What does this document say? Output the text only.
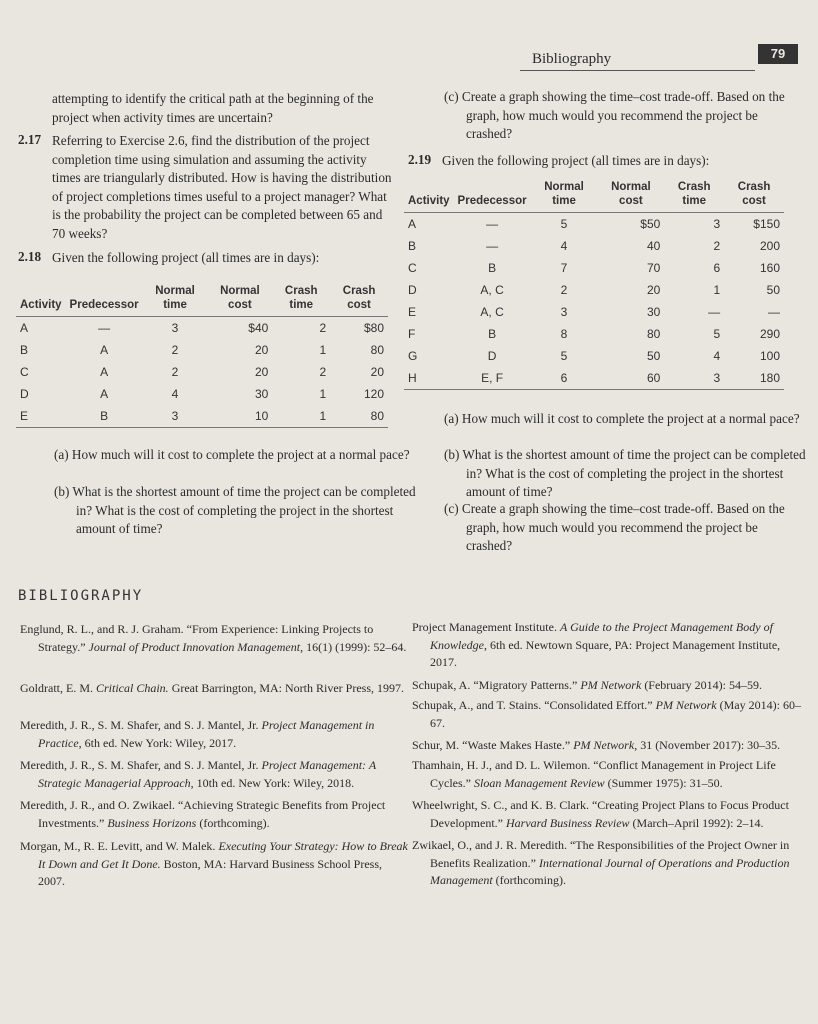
Bibliography	79

attempting to identify the critical path at the beginning of the project when activity times are uncertain?

2.17 Referring to Exercise 2.6, find the distribution of the project completion time using simulation and assuming the activity times are triangularly distributed. How is having the distribution of project completions times useful to a project manager? What is the probability the project can be completed between 65 and 70 weeks?

2.18 Given the following project (all times are in days):

Activity	Predecessor	Normal time	Normal cost	Crash time	Crash cost
A	—	3	$40	2	$80
B	A	2	20	1	80
C	A	2	20	2	20
D	A	4	30	1	120
E	B	3	10	1	80

(a) How much will it cost to complete the project at a normal pace?

(b) What is the shortest amount of time the project can be completed in? What is the cost of completing the project in the shortest amount of time?

(c) Create a graph showing the time–cost trade-off. Based on the graph, how much would you recommend the project be crashed?

2.19 Given the following project (all times are in days):

Activity	Predecessor	Normal time	Normal cost	Crash time	Crash cost
A	—	5	$50	3	$150
B	—	4	40	2	200
C	B	7	70	6	160
D	A, C	2	20	1	50
E	A, C	3	30	—	—
F	B	8	80	5	290
G	D	5	50	4	100
H	E, F	6	60	3	180

(a) How much will it cost to complete the project at a normal pace?

(b) What is the shortest amount of time the project can be completed in? What is the cost of completing the project in the shortest amount of time?

(c) Create a graph showing the time–cost trade-off. Based on the graph, how much would you recommend the project be crashed?

BIBLIOGRAPHY

Englund, R. L., and R. J. Graham. “From Experience: Linking Projects to Strategy.” Journal of Product Innovation Management, 16(1) (1999): 52–64.

Goldratt, E. M. Critical Chain. Great Barrington, MA: North River Press, 1997.

Meredith, J. R., S. M. Shafer, and S. J. Mantel, Jr. Project Management in Practice, 6th ed. New York: Wiley, 2017.

Meredith, J. R., S. M. Shafer, and S. J. Mantel, Jr. Project Management: A Strategic Managerial Approach, 10th ed. New York: Wiley, 2018.

Meredith, J. R., and O. Zwikael. “Achieving Strategic Benefits from Project Investments.” Business Horizons (forthcoming).

Morgan, M., R. E. Levitt, and W. Malek. Executing Your Strategy: How to Break It Down and Get It Done. Boston, MA: Harvard Business School Press, 2007.

Project Management Institute. A Guide to the Project Management Body of Knowledge, 6th ed. Newtown Square, PA: Project Management Institute, 2017.

Schupak, A. “Migratory Patterns.” PM Network (February 2014): 54–59.

Schupak, A., and T. Stains. “Consolidated Effort.” PM Network (May 2014): 60–67.

Schur, M. “Waste Makes Haste.” PM Network, 31 (November 2017): 30–35.

Thamhain, H. J., and D. L. Wilemon. “Conflict Management in Project Life Cycles.” Sloan Management Review (Summer 1975): 31–50.

Wheelwright, S. C., and K. B. Clark. “Creating Project Plans to Focus Product Development.” Harvard Business Review (March–April 1992): 2–14.

Zwikael, O., and J. R. Meredith. “The Responsibilities of the Project Owner in Benefits Realization.” International Journal of Operations and Production Management (forthcoming).
